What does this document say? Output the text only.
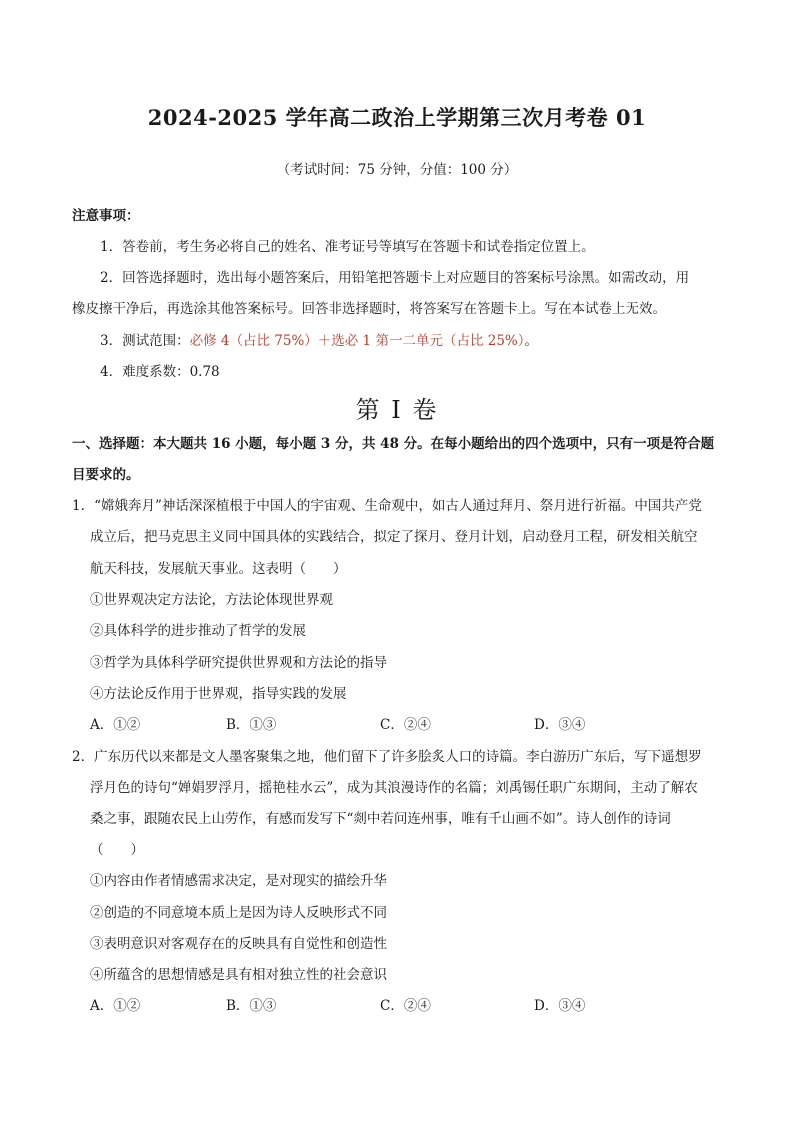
2024-2025 学年高二政治上学期第三次月考卷 01
（考试时间：75 分钟，分值：100 分）
注意事项：
1．答卷前，考生务必将自己的姓名、准考证号等填写在答题卡和试卷指定位置上。
2．回答选择题时，选出每小题答案后，用铅笔把答题卡上对应题目的答案标号涂黑。如需改动，用
橡皮擦干净后，再选涂其他答案标号。回答非选择题时，将答案写在答题卡上。写在本试卷上无效。
3．测试范围：必修 4（占比 75%）＋选必 1 第一二单元（占比 25%）。
4．难度系数：0.78
第 I 卷
一、选择题：本大题共 16 小题，每小题 3 分，共 48 分。在每小题给出的四个选项中，只有一项是符合题
目要求的。
1．“嫦娥奔月”神话深深植根于中国人的宇宙观、生命观中，如古人通过拜月、祭月进行祈福。中国共产党
成立后，把马克思主义同中国具体的实践结合，拟定了探月、登月计划，启动登月工程，研发相关航空
航天科技，发展航天事业。这表明（　　）
①世界观决定方法论，方法论体现世界观
②具体科学的进步推动了哲学的发展
③哲学为具体科学研究提供世界观和方法论的指导
④方法论反作用于世界观，指导实践的发展
A．①②	B．①③	C．②④	D．③④
2．广东历代以来都是文人墨客聚集之地，他们留下了许多脍炙人口的诗篇。李白游历广东后，写下遥想罗
浮月色的诗句“婵娟罗浮月，摇艳桂水云”，成为其浪漫诗作的名篇；刘禹锡任职广东期间，主动了解农
桑之事，跟随农民上山劳作，有感而发写下“剡中若问连州事，唯有千山画不如”。诗人创作的诗词
（　　）
①内容由作者情感需求决定，是对现实的描绘升华
②创造的不同意境本质上是因为诗人反映形式不同
③表明意识对客观存在的反映具有自觉性和创造性
④所蕴含的思想情感是具有相对独立性的社会意识
A．①②	B．①③	C．②④	D．③④
